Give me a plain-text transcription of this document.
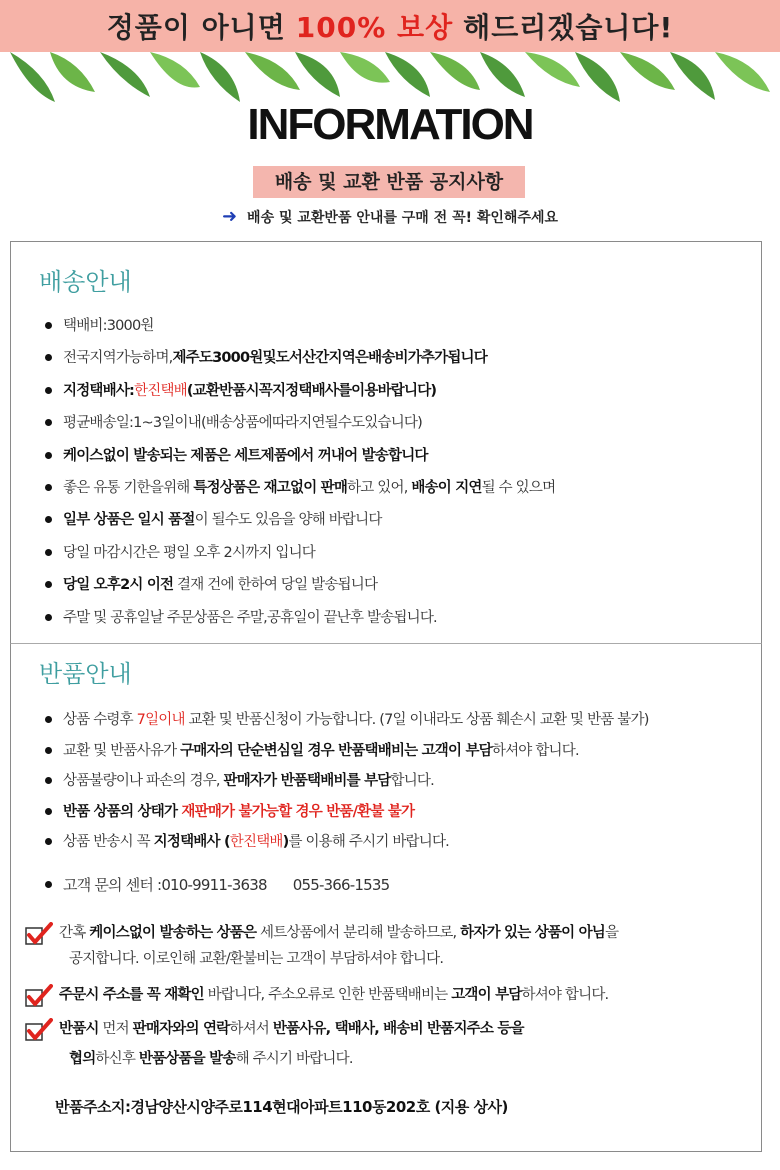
정품이 아니면 100% 보상 해드리겠습니다!
INFORMATION
배송 및 교환 반품 공지사항
➜ 배송 및 교환반품 안내를 구매 전 꼭! 확인해주세요
배송안내
택배비:3000원
전국지역가능하며,제주도3000원및도서산간지역은배송비가추가됩니다
지정택배사:한진택배(교환반품시꼭지정택배사를이용바랍니다)
평균배송일:1~3일이내(배송상품에따라지연될수도있습니다)
케이스없이 발송되는 제품은 세트제품에서 꺼내어 발송합니다
좋은 유통 기한을위해 특정상품은 재고없이 판매하고 있어, 배송이 지연될 수 있으며
일부 상품은 일시 품절이 될수도 있음을 양해 바랍니다
당일 마감시간은 평일 오후 2시까지 입니다
당일 오후2시 이전 결재 건에 한하여 당일 발송됩니다
주말 및 공휴일날 주문상품은 주말,공휴일이 끝난후 발송됩니다.
반품안내
상품 수령후 7일이내 교환 및 반품신청이 가능합니다. (7일 이내라도 상품 훼손시 교환 및 반품 불가)
교환 및 반품사유가 구매자의 단순변심일 경우 반품택배비는 고객이 부담하셔야 합니다.
상품불량이나 파손의 경우, 판매자가 반품택배비를 부담합니다.
반품 상품의 상태가 재판매가 불가능할 경우 반품/환불 불가
상품 반송시 꼭 지정택배사 (한진택배)를 이용해 주시기 바랍니다.
고객 문의 센터 :010-9911-3638 055-366-1535
간혹 케이스없이 발송하는 상품은 세트상품에서 분리해 발송하므로, 하자가 있는 상품이 아님을
공지합니다. 이로인해 교환/환불비는 고객이 부담하셔야 합니다.
주문시 주소를 꼭 재확인 바랍니다, 주소오류로 인한 반품택배비는 고객이 부담하셔야 합니다.
반품시 먼저 판매자와의 연락하셔서 반품사유, 택배사, 배송비 반품지주소 등을
협의하신후 반품상품을 발송해 주시기 바랍니다.
반품주소지:경남양산시양주로114현대아파트110동202호 (지용 상사)
